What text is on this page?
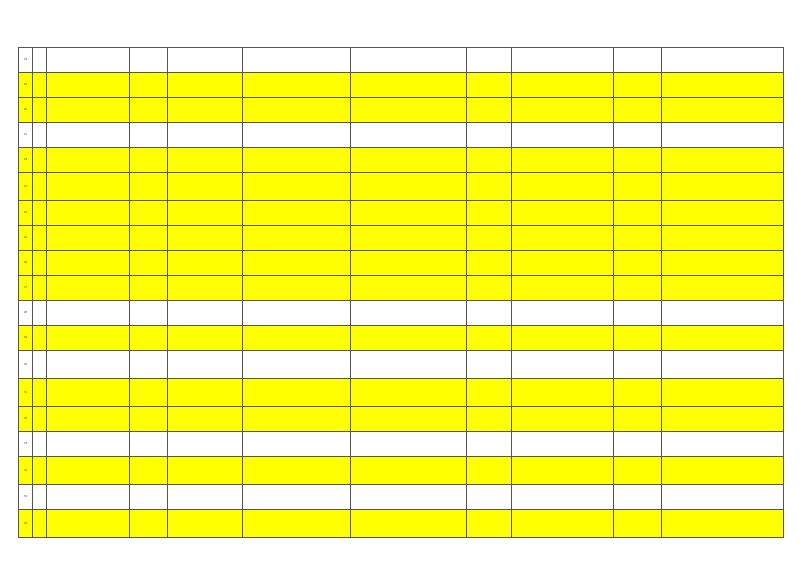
18										
19										
20										
21										
22										
23										
24										
25										
26										
27										
28										
29										
30										
31										
32										
33										
34										
35										
36										
